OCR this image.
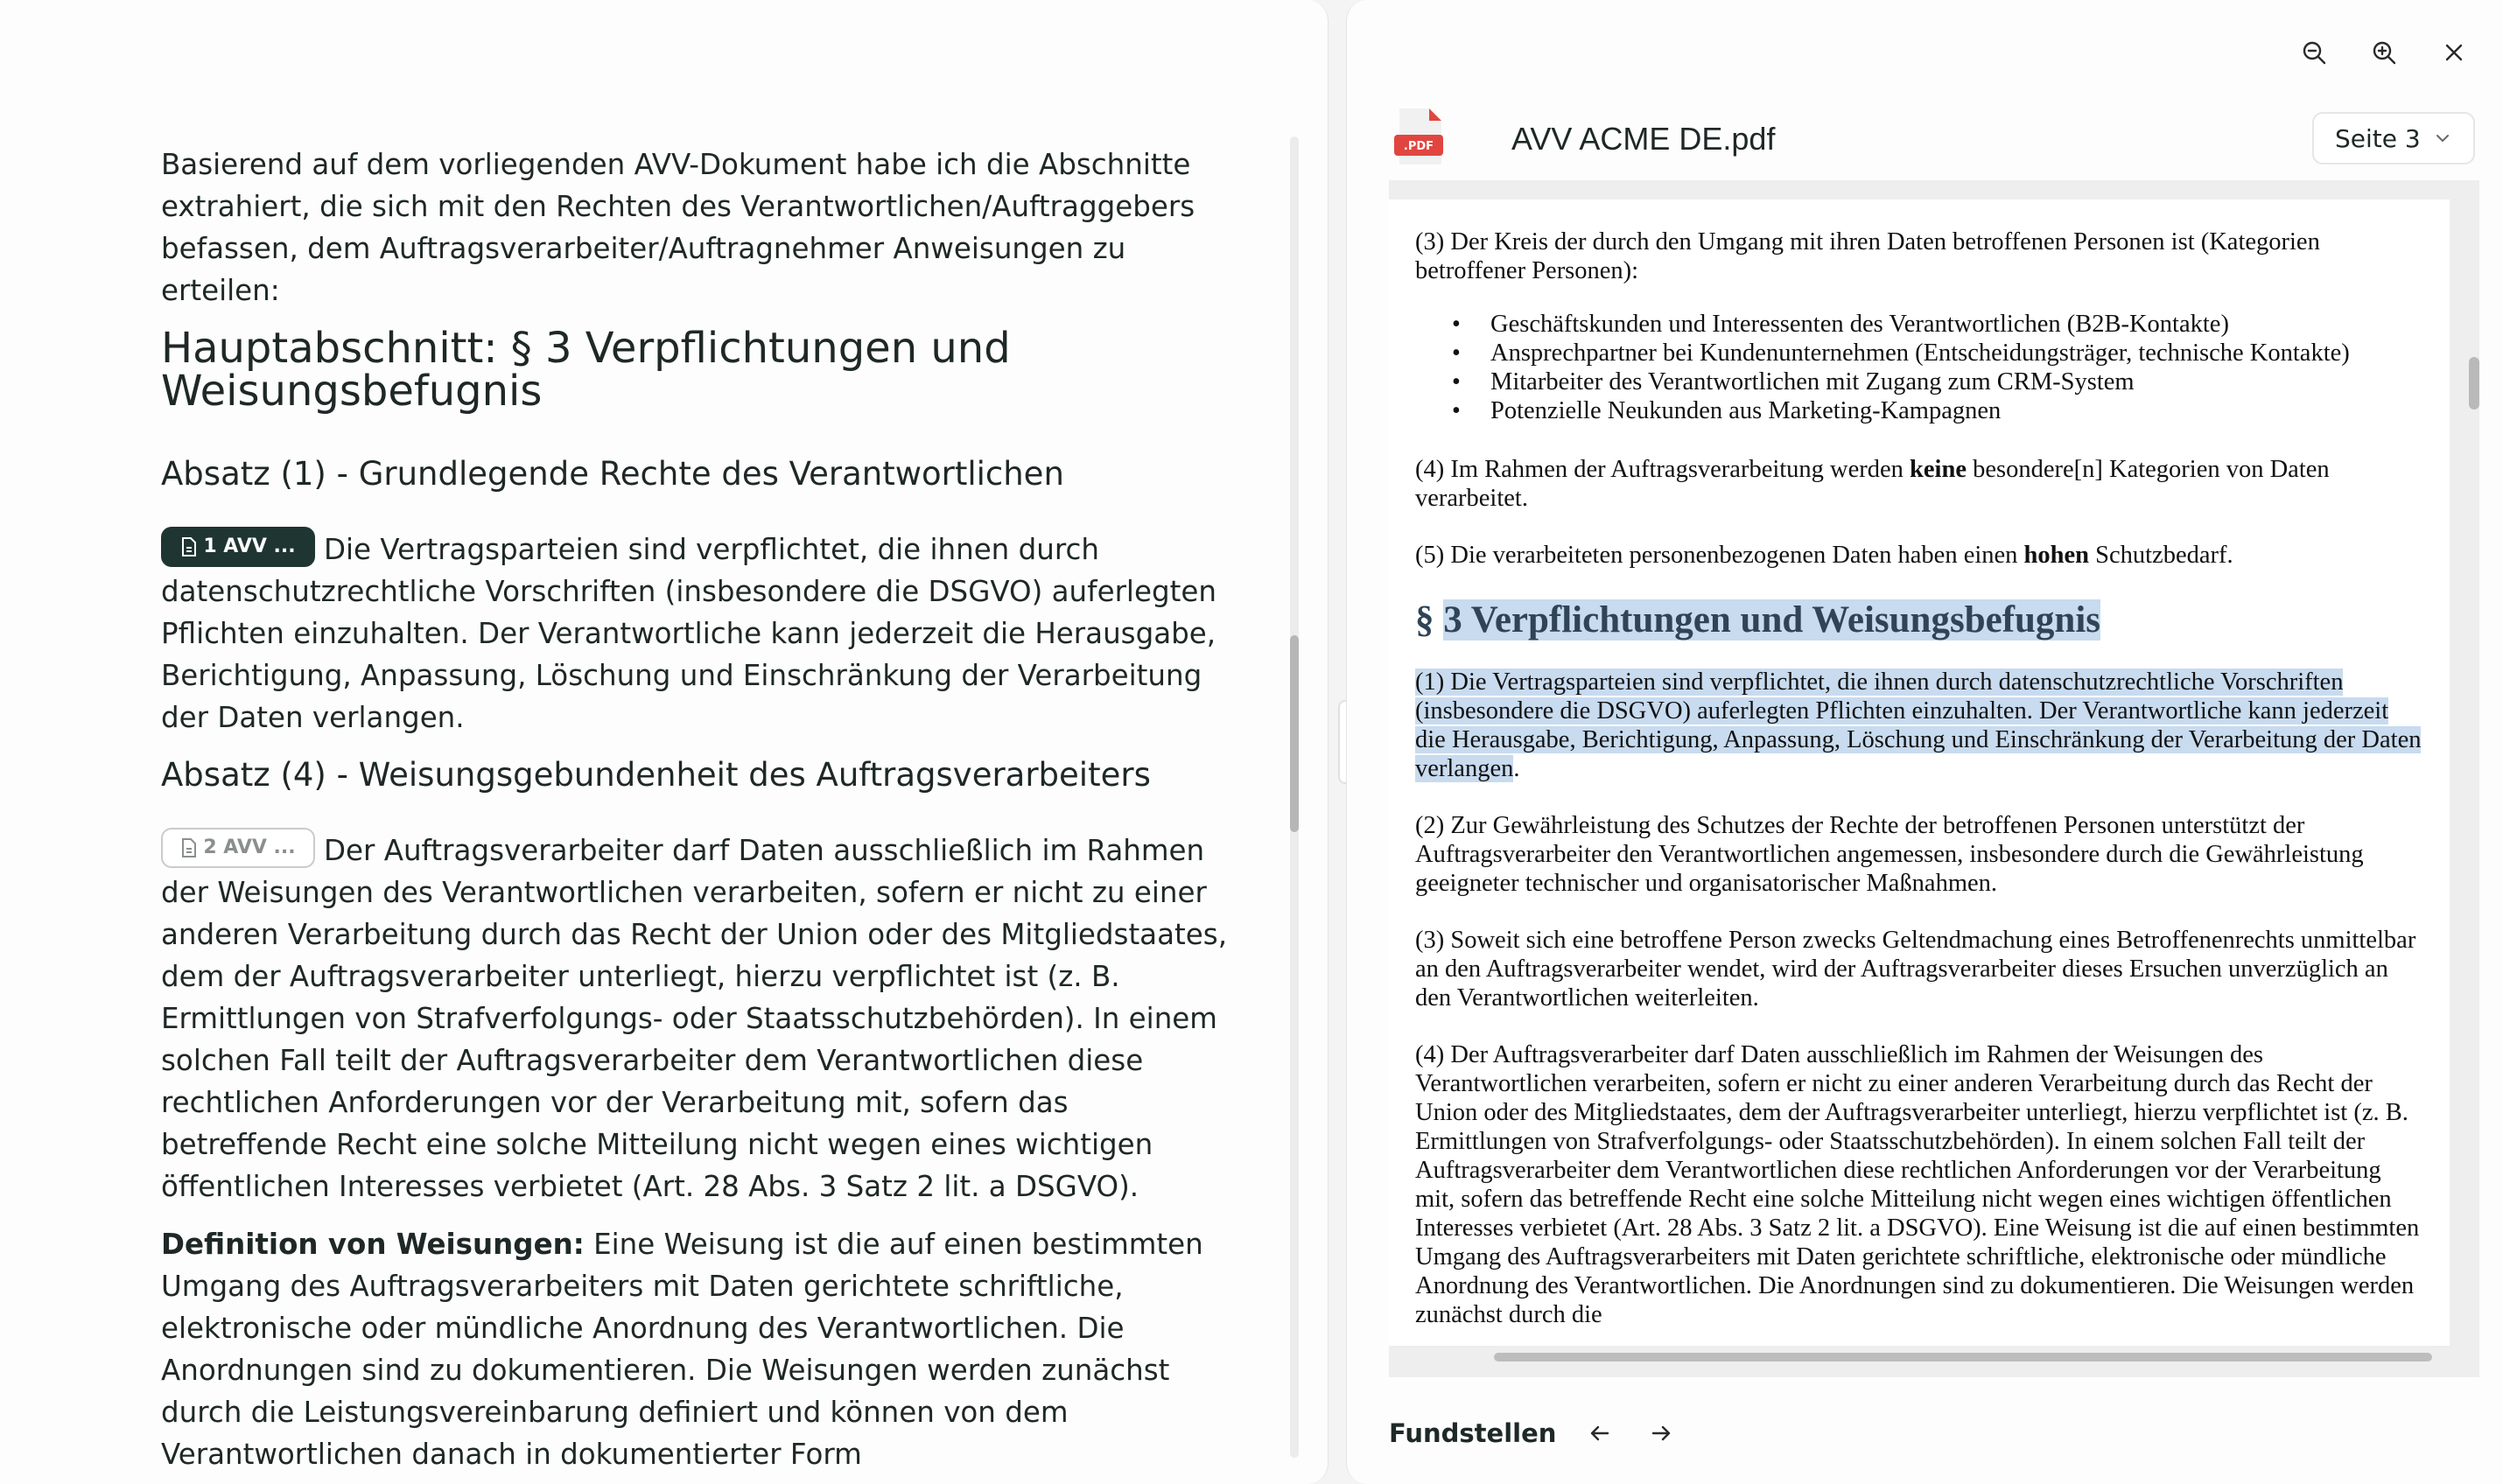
Basierend auf dem vorliegenden AVV-Dokument habe ich die Abschnitte extrahiert, die sich mit den Rechten des Verantwortlichen/Auftraggebers befassen, dem Auftragsverarbeiter/Auftragnehmer Anweisungen zu erteilen:

Hauptabschnitt: § 3 Verpflichtungen und Weisungsbefugnis
Absatz (1) - Grundlegende Rechte des Verantwortlichen

1 AVV ... Die Vertragsparteien sind verpflichtet, die ihnen durch datenschutzrechtliche Vorschriften (insbesondere die DSGVO) auferlegten Pflichten einzuhalten. Der Verantwortliche kann jederzeit die Herausgabe, Berichtigung, Anpassung, Löschung und Einschränkung der Verarbeitung der Daten verlangen.

Absatz (4) - Weisungsgebundenheit des Auftragsverarbeiters

2 AVV ... Der Auftragsverarbeiter darf Daten ausschließlich im Rahmen der Weisungen des Verantwortlichen verarbeiten, sofern er nicht zu einer anderen Verarbeitung durch das Recht der Union oder des Mitgliedstaates, dem der Auftragsverarbeiter unterliegt, hierzu verpflichtet ist (z. B. Ermittlungen von Strafverfolgungs- oder Staatsschutzbehörden). In einem solchen Fall teilt der Auftragsverarbeiter dem Verantwortlichen diese rechtlichen Anforderungen vor der Verarbeitung mit, sofern das betreffende Recht eine solche Mitteilung nicht wegen eines wichtigen öffentlichen Interesses verbietet (Art. 28 Abs. 3 Satz 2 lit. a DSGVO).

Definition von Weisungen: Eine Weisung ist die auf einen bestimmten Umgang des Auftragsverarbeiters mit Daten gerichtete schriftliche, elektronische oder mündliche Anordnung des Verantwortlichen. Die Anordnungen sind zu dokumentieren. Die Weisungen werden zunächst durch die Leistungsvereinbarung definiert und können von dem Verantwortlichen danach in dokumentierter Form

.PDF AVV ACME DE.pdf	Seite 3

(3) Der Kreis der durch den Umgang mit ihren Daten betroffenen Personen ist (Kategorien betroffener Personen):

• Geschäftskunden und Interessenten des Verantwortlichen (B2B-Kontakte)
• Ansprechpartner bei Kundenunternehmen (Entscheidungsträger, technische Kontakte)
• Mitarbeiter des Verantwortlichen mit Zugang zum CRM-System
• Potenzielle Neukunden aus Marketing-Kampagnen

(4) Im Rahmen der Auftragsverarbeitung werden keine besondere[n] Kategorien von Daten verarbeitet.

(5) Die verarbeiteten personenbezogenen Daten haben einen hohen Schutzbedarf.

§ 3 Verpflichtungen und Weisungsbefugnis

(1) Die Vertragsparteien sind verpflichtet, die ihnen durch datenschutzrechtliche Vorschriften (insbesondere die DSGVO) auferlegten Pflichten einzuhalten. Der Verantwortliche kann jederzeit die Herausgabe, Berichtigung, Anpassung, Löschung und Einschränkung der Verarbeitung der Daten verlangen.

(2) Zur Gewährleistung des Schutzes der Rechte der betroffenen Personen unterstützt der Auftragsverarbeiter den Verantwortlichen angemessen, insbesondere durch die Gewährleistung geeigneter technischer und organisatorischer Maßnahmen.

(3) Soweit sich eine betroffene Person zwecks Geltendmachung eines Betroffenenrechts unmittelbar an den Auftragsverarbeiter wendet, wird der Auftragsverarbeiter dieses Ersuchen unverzüglich an den Verantwortlichen weiterleiten.

(4) Der Auftragsverarbeiter darf Daten ausschließlich im Rahmen der Weisungen des Verantwortlichen verarbeiten, sofern er nicht zu einer anderen Verarbeitung durch das Recht der Union oder des Mitgliedstaates, dem der Auftragsverarbeiter unterliegt, hierzu verpflichtet ist (z. B. Ermittlungen von Strafverfolgungs- oder Staatsschutzbehörden). In einem solchen Fall teilt der Auftragsverarbeiter dem Verantwortlichen diese rechtlichen Anforderungen vor der Verarbeitung mit, sofern das betreffende Recht eine solche Mitteilung nicht wegen eines wichtigen öffentlichen Interesses verbietet (Art. 28 Abs. 3 Satz 2 lit. a DSGVO). Eine Weisung ist die auf einen bestimmten Umgang des Auftragsverarbeiters mit Daten gerichtete schriftliche, elektronische oder mündliche Anordnung des Verantwortlichen. Die Anordnungen sind zu dokumentieren. Die Weisungen werden zunächst durch die

Fundstellen
